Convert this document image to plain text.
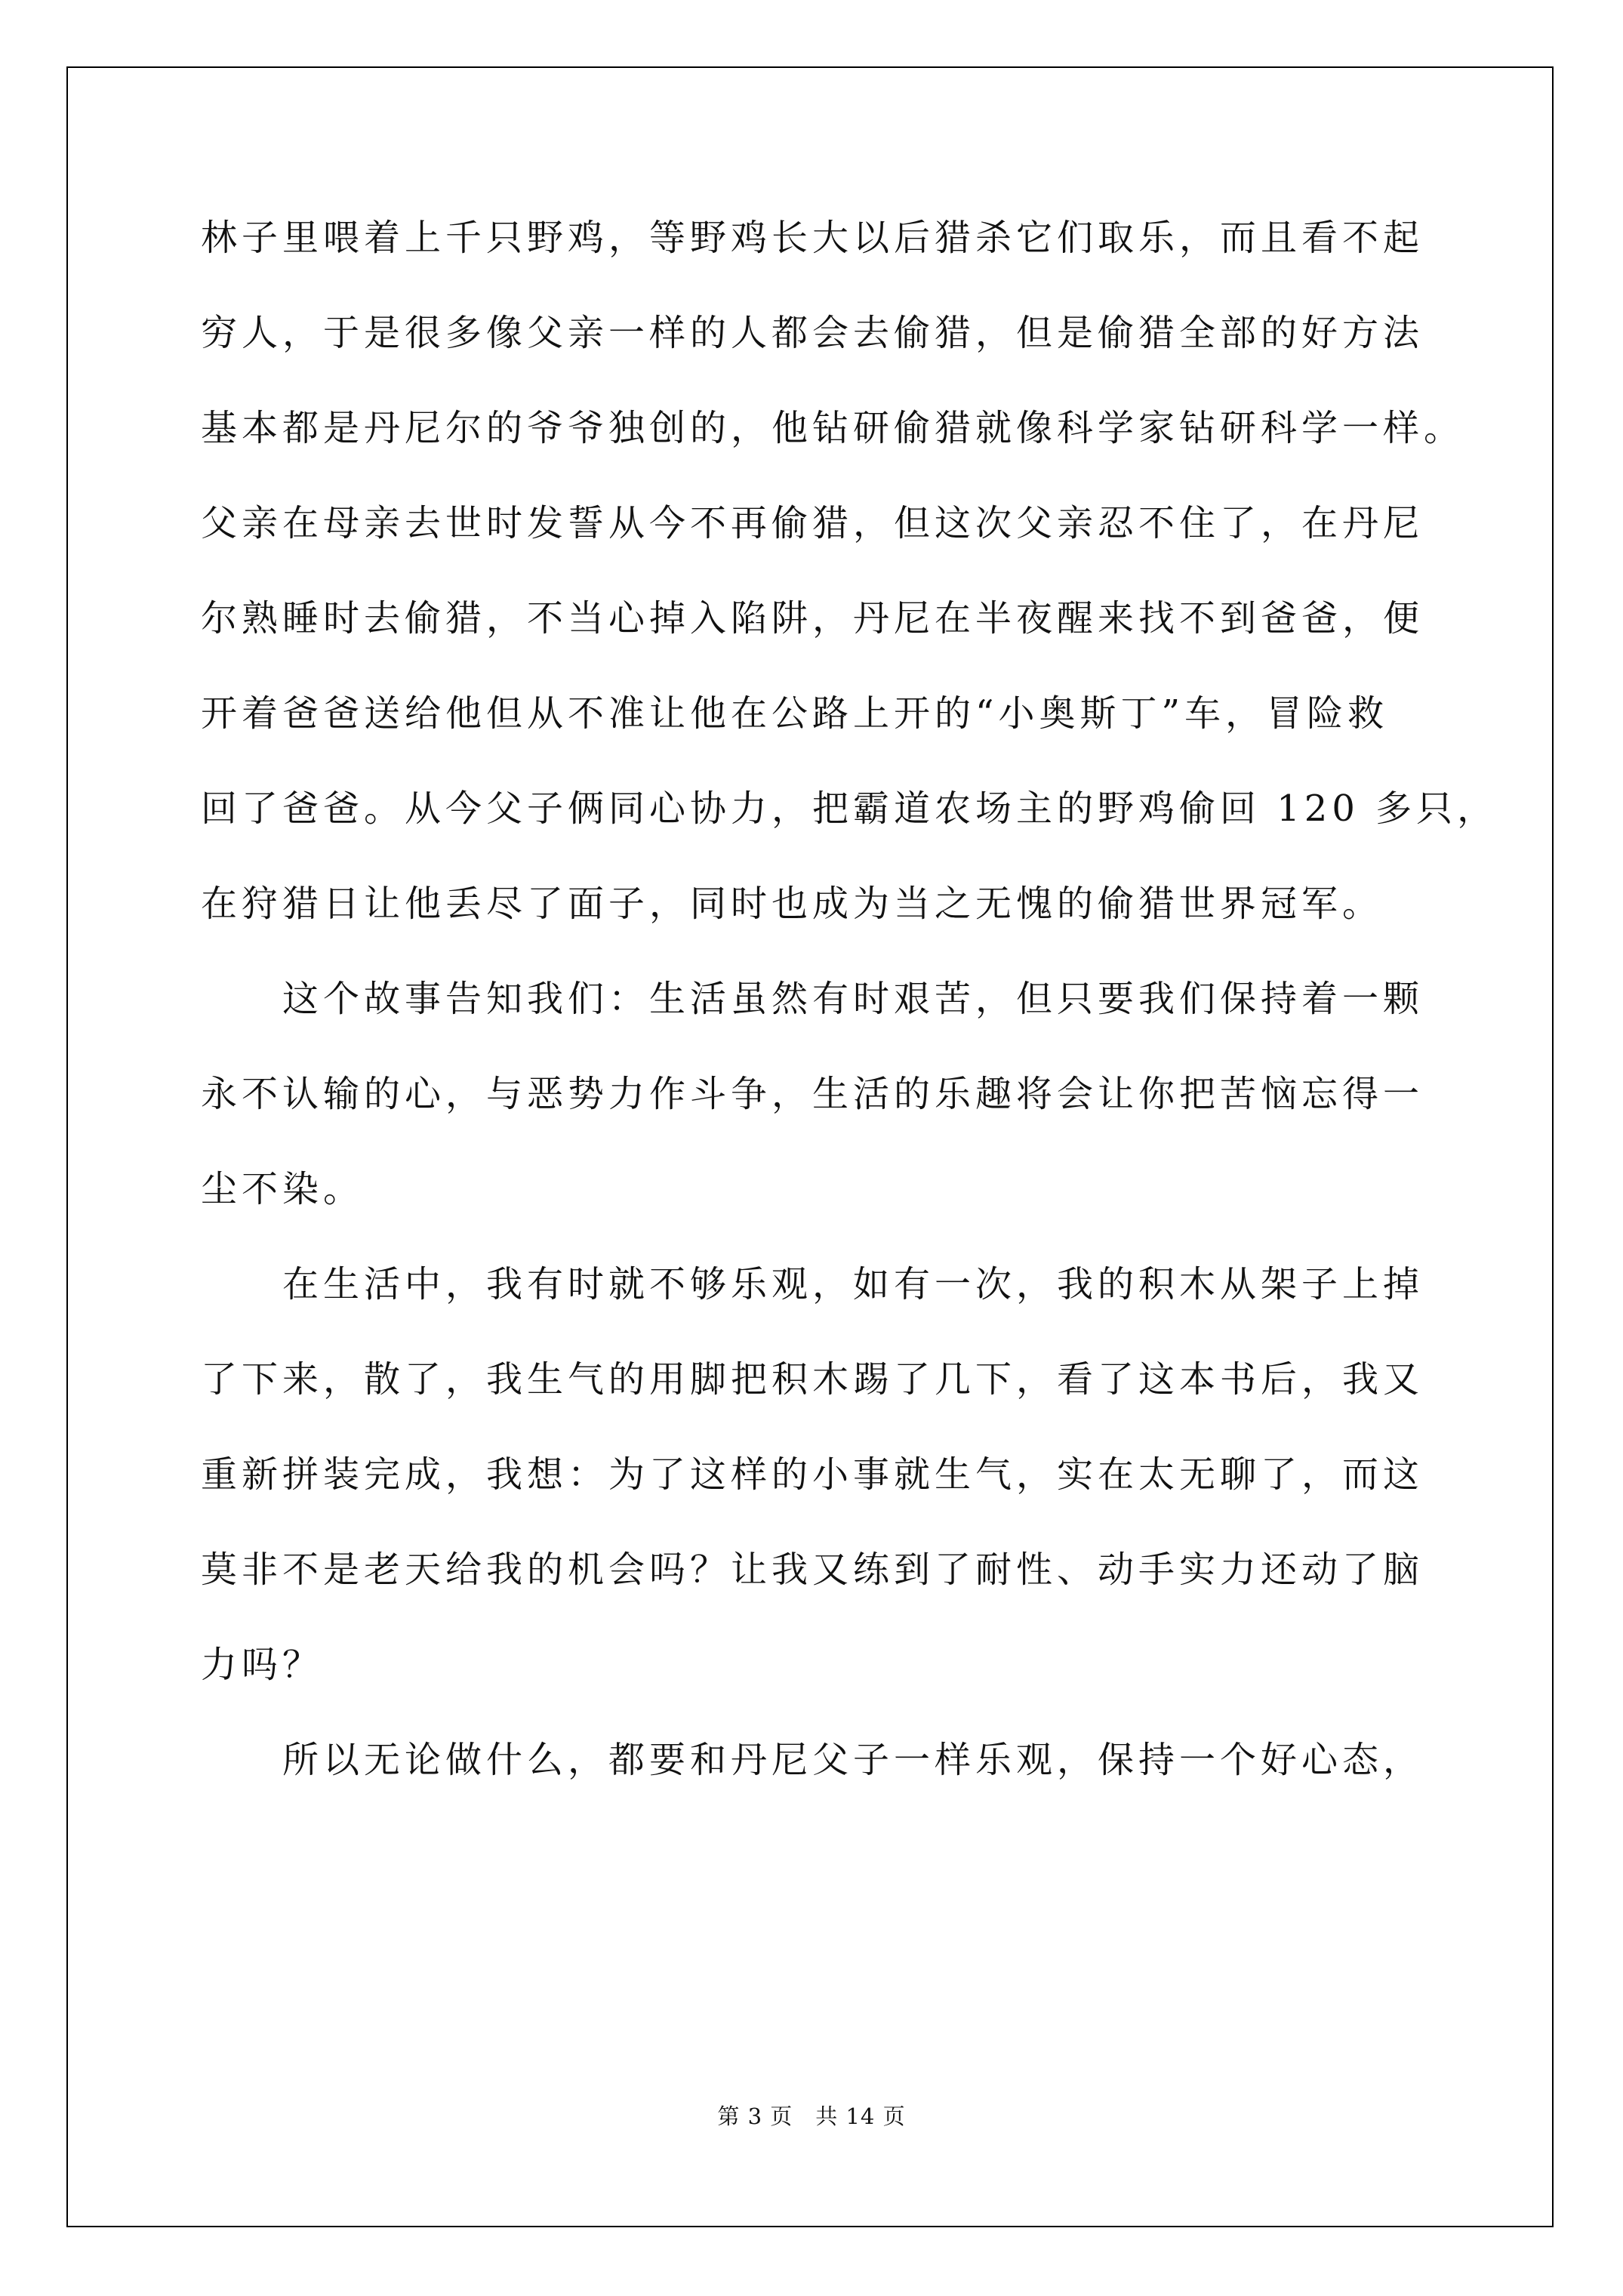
林子里喂着上千只野鸡，等野鸡长大以后猎杀它们取乐，而且看不起
穷人，于是很多像父亲一样的人都会去偷猎，但是偷猎全部的好方法
基本都是丹尼尔的爷爷独创的，他钻研偷猎就像科学家钻研科学一样。
父亲在母亲去世时发誓从今不再偷猎，但这次父亲忍不住了，在丹尼
尔熟睡时去偷猎，不当心掉入陷阱，丹尼在半夜醒来找不到爸爸，便
开着爸爸送给他但从不准让他在公路上开的“小奥斯丁”车，冒险救
回了爸爸。从今父子俩同心协力，把霸道农场主的野鸡偷回 120 多只，
在狩猎日让他丢尽了面子，同时也成为当之无愧的偷猎世界冠军。
这个故事告知我们：生活虽然有时艰苦，但只要我们保持着一颗
永不认输的心，与恶势力作斗争，生活的乐趣将会让你把苦恼忘得一
尘不染。
在生活中，我有时就不够乐观，如有一次，我的积木从架子上掉
了下来，散了，我生气的用脚把积木踢了几下，看了这本书后，我又
重新拼装完成，我想：为了这样的小事就生气，实在太无聊了，而这
莫非不是老天给我的机会吗？让我又练到了耐性、动手实力还动了脑
力吗？
所以无论做什么，都要和丹尼父子一样乐观，保持一个好心态，
第 3 页　共 14 页
